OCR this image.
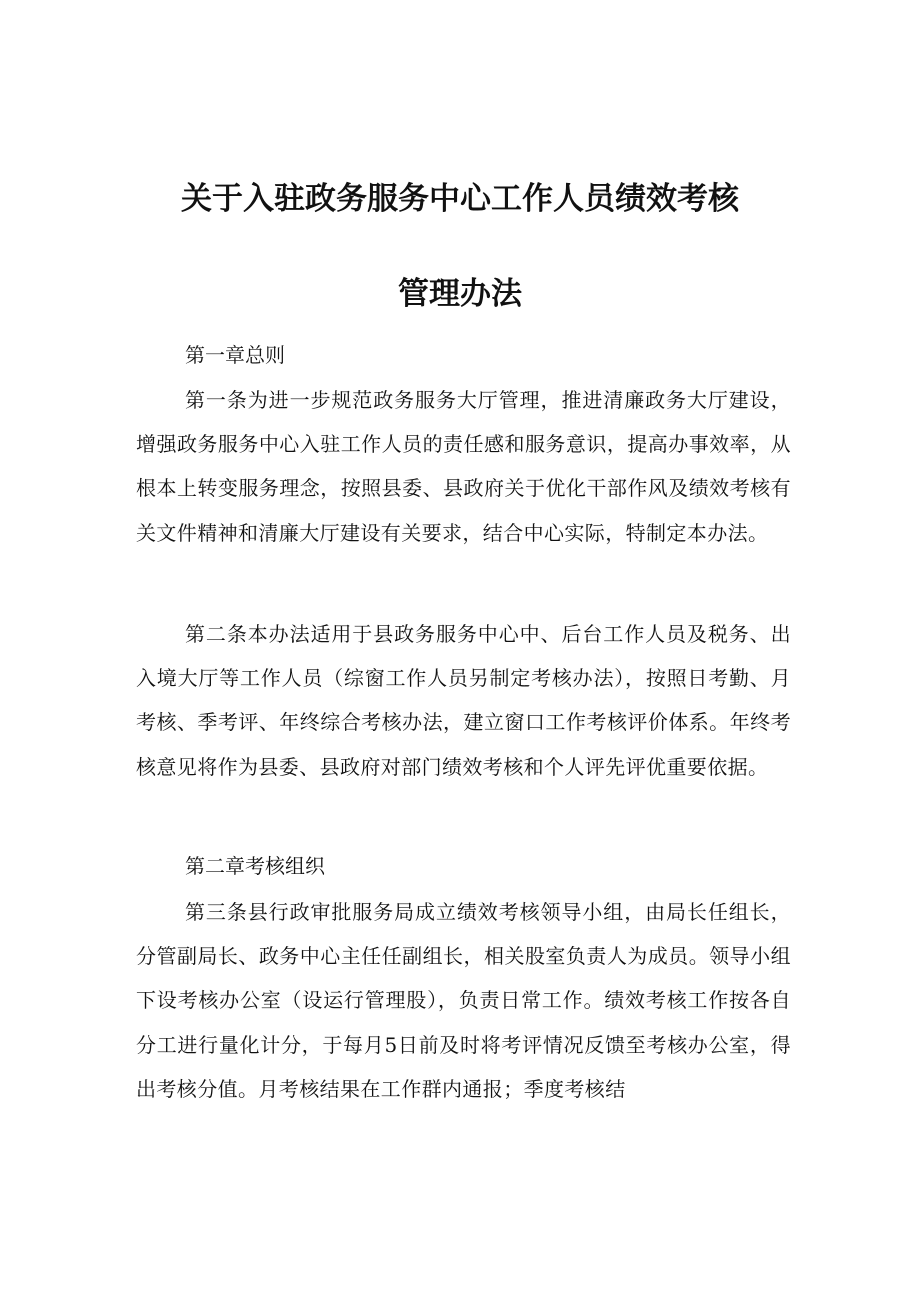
关于入驻政务服务中心工作人员绩效考核
管理办法

第一章总则

第一条为进一步规范政务服务大厅管理，推进清廉政务大厅建设，增强政务服务中心入驻工作人员的责任感和服务意识，提高办事效率，从根本上转变服务理念，按照县委、县政府关于优化干部作风及绩效考核有关文件精神和清廉大厅建设有关要求，结合中心实际，特制定本办法。

第二条本办法适用于县政务服务中心中、后台工作人员及税务、出入境大厅等工作人员（综窗工作人员另制定考核办法），按照日考勤、月考核、季考评、年终综合考核办法，建立窗口工作考核评价体系。年终考核意见将作为县委、县政府对部门绩效考核和个人评先评优重要依据。

第二章考核组织

第三条县行政审批服务局成立绩效考核领导小组，由局长任组长，分管副局长、政务中心主任任副组长，相关股室负责人为成员。领导小组下设考核办公室（设运行管理股），负责日常工作。绩效考核工作按各自分工进行量化计分，于每月5日前及时将考评情况反馈至考核办公室，得出考核分值。月考核结果在工作群内通报；季度考核结
